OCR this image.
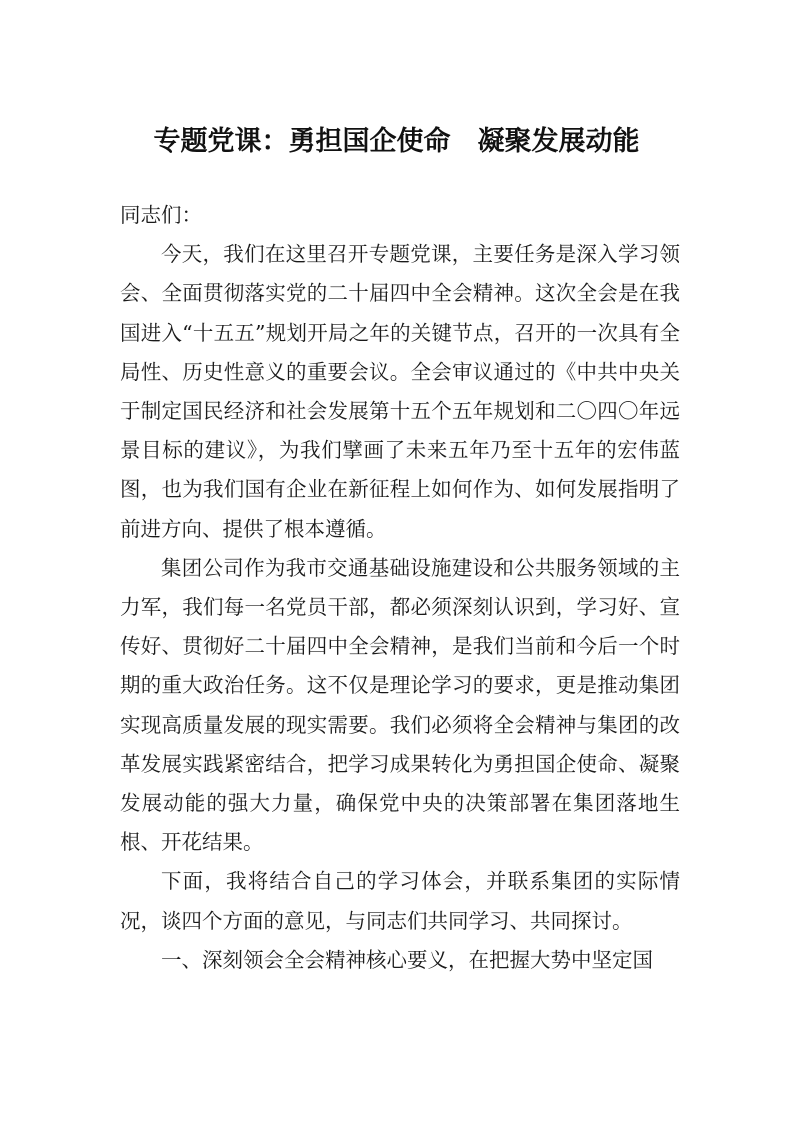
专题党课：勇担国企使命　凝聚发展动能

同志们：

今天，我们在这里召开专题党课，主要任务是深入学习领会、全面贯彻落实党的二十届四中全会精神。这次全会是在我国进入“十五五”规划开局之年的关键节点，召开的一次具有全局性、历史性意义的重要会议。全会审议通过的《中共中央关于制定国民经济和社会发展第十五个五年规划和二〇四〇年远景目标的建议》，为我们擘画了未来五年乃至十五年的宏伟蓝图，也为我们国有企业在新征程上如何作为、如何发展指明了前进方向、提供了根本遵循。

集团公司作为我市交通基础设施建设和公共服务领域的主力军，我们每一名党员干部，都必须深刻认识到，学习好、宣传好、贯彻好二十届四中全会精神，是我们当前和今后一个时期的重大政治任务。这不仅是理论学习的要求，更是推动集团实现高质量发展的现实需要。我们必须将全会精神与集团的改革发展实践紧密结合，把学习成果转化为勇担国企使命、凝聚发展动能的强大力量，确保党中央的决策部署在集团落地生根、开花结果。

下面，我将结合自己的学习体会，并联系集团的实际情况，谈四个方面的意见，与同志们共同学习、共同探讨。

一、深刻领会全会精神核心要义，在把握大势中坚定国
